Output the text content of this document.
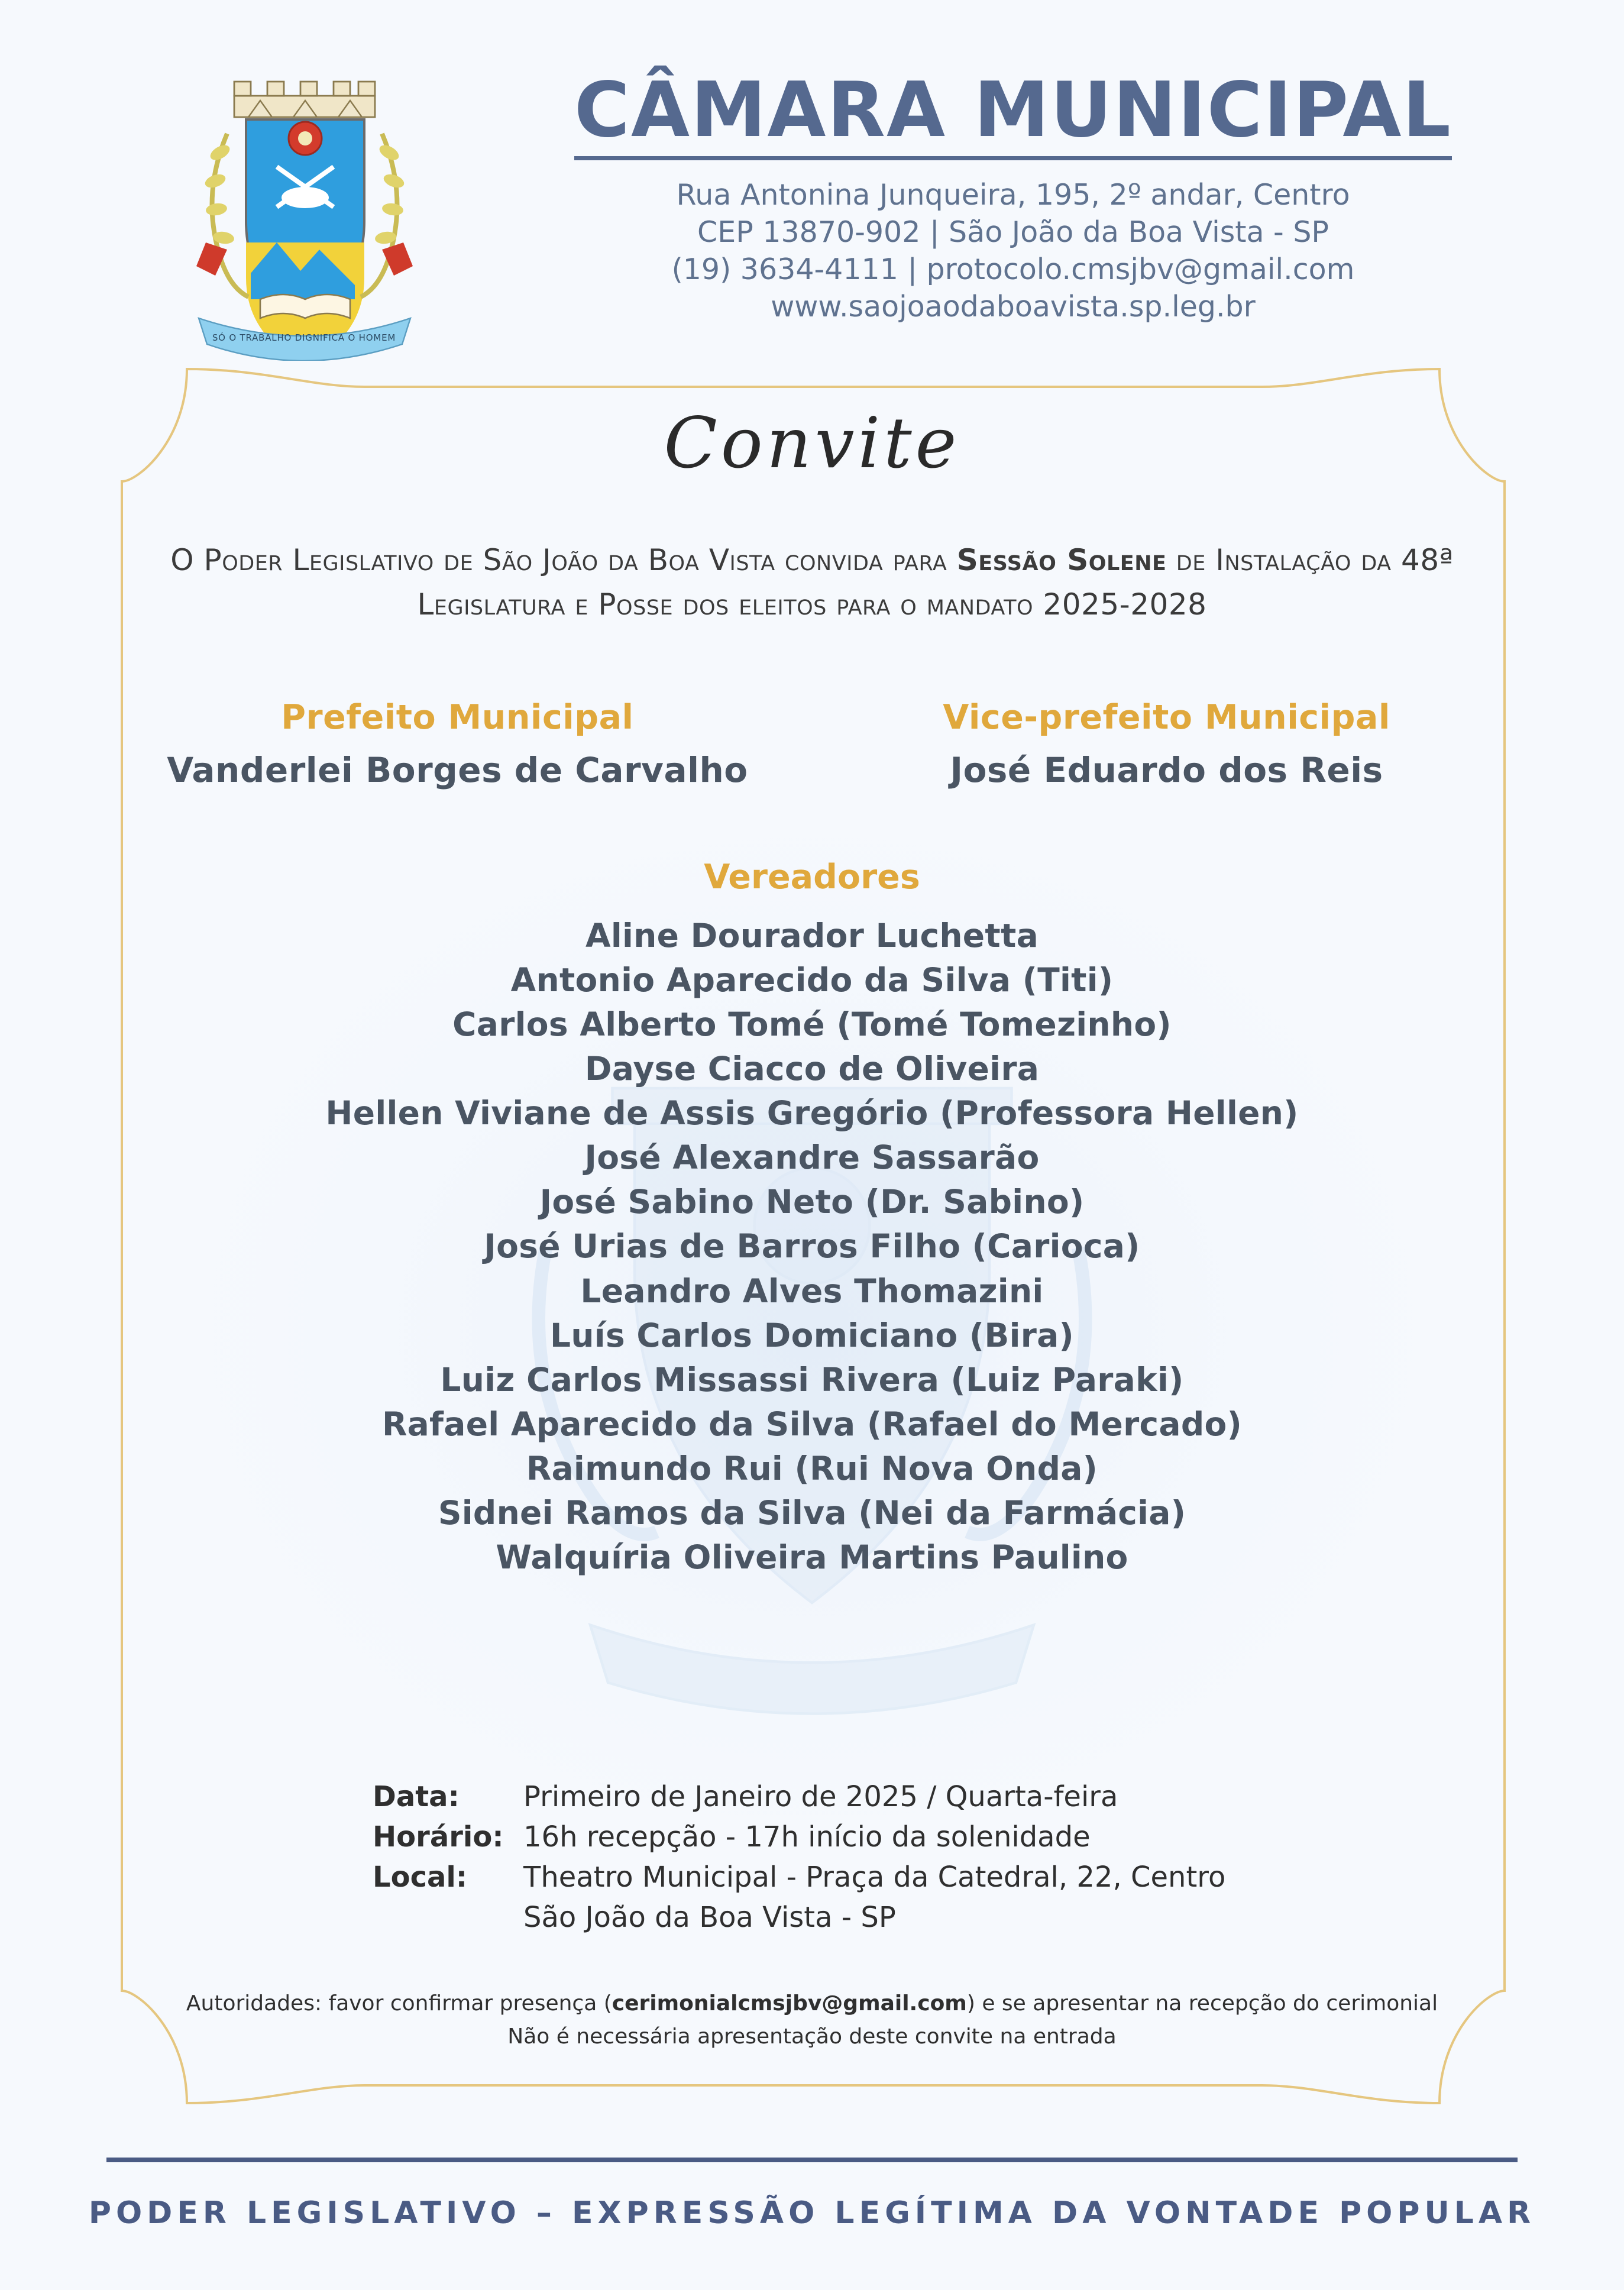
SÓ O TRABALHO DIGNIFICA O HOMEM
CÂMARA MUNICIPAL
Rua Antonina Junqueira, 195, 2º andar, Centro
CEP 13870-902 | São João da Boa Vista - SP
(19) 3634-4111 | protocolo.cmsjbv@gmail.com
www.saojoaodaboavista.sp.leg.br
Convite
O Poder Legislativo de São João da Boa Vista convida para Sessão Solene de Instalação da 48ª Legislatura e Posse dos eleitos para o mandato 2025-2028
Prefeito Municipal
Vanderlei Borges de Carvalho
Vice-prefeito Municipal
José Eduardo dos Reis
Vereadores
Aline Dourador Luchetta
Antonio Aparecido da Silva (Titi)
Carlos Alberto Tomé (Tomé Tomezinho)
Dayse Ciacco de Oliveira
Hellen Viviane de Assis Gregório (Professora Hellen)
José Alexandre Sassarão
José Sabino Neto (Dr. Sabino)
José Urias de Barros Filho (Carioca)
Leandro Alves Thomazini
Luís Carlos Domiciano (Bira)
Luiz Carlos Missassi Rivera (Luiz Paraki)
Rafael Aparecido da Silva (Rafael do Mercado)
Raimundo Rui (Rui Nova Onda)
Sidnei Ramos da Silva (Nei da Farmácia)
Walquíria Oliveira Martins Paulino
Data:	Primeiro de Janeiro de 2025 / Quarta-feira
Horário: 16h recepção - 17h início da solenidade
Local:	Theatro Municipal - Praça da Catedral, 22, Centro
São João da Boa Vista - SP
Autoridades: favor confirmar presença (cerimonialcmsjbv@gmail.com) e se apresentar na recepção do cerimonial
Não é necessária apresentação deste convite na entrada
PODER LEGISLATIVO – EXPRESSÃO LEGÍTIMA DA VONTADE POPULAR
